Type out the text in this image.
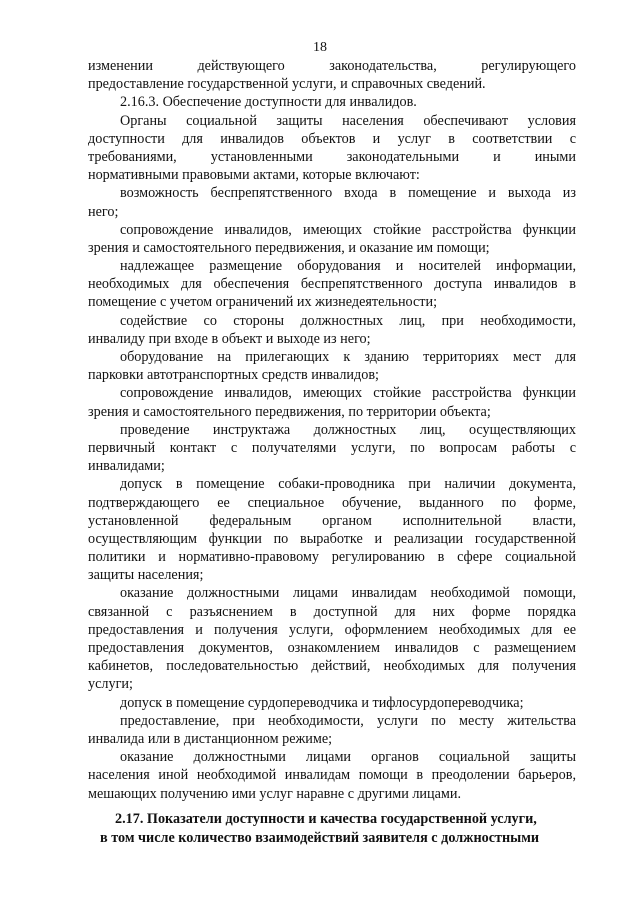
18
изменении действующего законодательства, регулирующего
предоставление государственной услуги, и справочных сведений.
2.16.3. Обеспечение доступности для инвалидов.
Органы социальной защиты населения обеспечивают условия
доступности для инвалидов объектов и услуг в соответствии с
требованиями, установленными законодательными и иными
нормативными правовыми актами, которые включают:
возможность беспрепятственного входа в помещение и выхода из
него;
сопровождение инвалидов, имеющих стойкие расстройства функции
зрения и самостоятельного передвижения, и оказание им помощи;
надлежащее размещение оборудования и носителей информации,
необходимых для обеспечения беспрепятственного доступа инвалидов в
помещение с учетом ограничений их жизнедеятельности;
содействие со стороны должностных лиц, при необходимости,
инвалиду при входе в объект и выходе из него;
оборудование на прилегающих к зданию территориях мест для
парковки автотранспортных средств инвалидов;
сопровождение инвалидов, имеющих стойкие расстройства функции
зрения и самостоятельного передвижения, по территории объекта;
проведение инструктажа должностных лиц, осуществляющих
первичный контакт с получателями услуги, по вопросам работы с
инвалидами;
допуск в помещение собаки-проводника при наличии документа,
подтверждающего ее специальное обучение, выданного по форме,
установленной федеральным органом исполнительной власти,
осуществляющим функции по выработке и реализации государственной
политики и нормативно-правовому регулированию в сфере социальной
защиты населения;
оказание должностными лицами инвалидам необходимой помощи,
связанной с разъяснением в доступной для них форме порядка
предоставления и получения услуги, оформлением необходимых для ее
предоставления документов, ознакомлением инвалидов с размещением
кабинетов, последовательностью действий, необходимых для получения
услуги;
допуск в помещение сурдопереводчика и тифлосурдопереводчика;
предоставление, при необходимости, услуги по месту жительства
инвалида или в дистанционном режиме;
оказание должностными лицами органов социальной защиты
населения иной необходимой инвалидам помощи в преодолении барьеров,
мешающих получению ими услуг наравне с другими лицами.
2.17. Показатели доступности и качества государственной услуги,
в том числе количество взаимодействий заявителя с должностными
